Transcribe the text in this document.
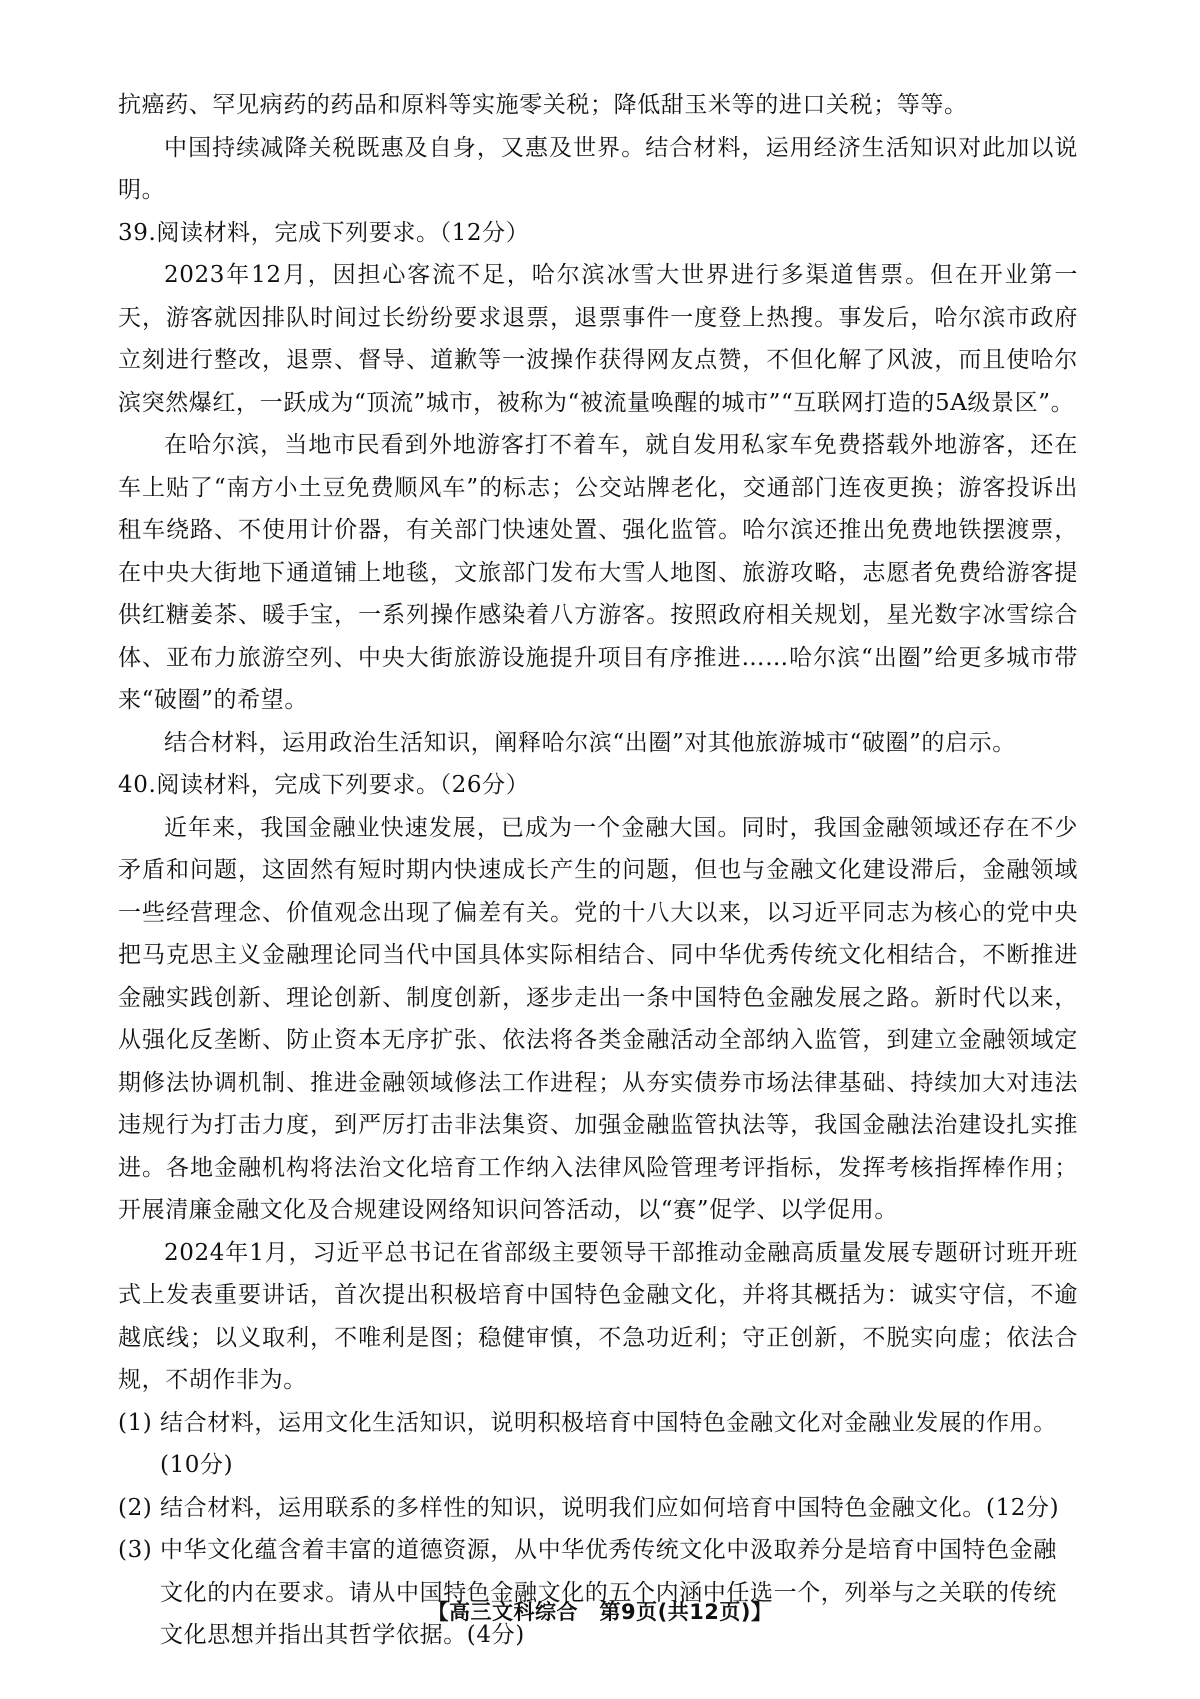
抗癌药、罕见病药的药品和原料等实施零关税；降低甜玉米等的进口关税；等等。

中国持续减降关税既惠及自身，又惠及世界。结合材料，运用经济生活知识对此加以说明。

39.阅读材料，完成下列要求。（12分）

2023年12月，因担心客流不足，哈尔滨冰雪大世界进行多渠道售票。但在开业第一天，游客就因排队时间过长纷纷要求退票，退票事件一度登上热搜。事发后，哈尔滨市政府立刻进行整改，退票、督导、道歉等一波操作获得网友点赞，不但化解了风波，而且使哈尔滨突然爆红，一跃成为“顶流”城市，被称为“被流量唤醒的城市”“互联网打造的5A级景区”。

在哈尔滨，当地市民看到外地游客打不着车，就自发用私家车免费搭载外地游客，还在车上贴了“南方小土豆免费顺风车”的标志；公交站牌老化，交通部门连夜更换；游客投诉出租车绕路、不使用计价器，有关部门快速处置、强化监管。哈尔滨还推出免费地铁摆渡票，在中央大街地下通道铺上地毯，文旅部门发布大雪人地图、旅游攻略，志愿者免费给游客提供红糖姜茶、暖手宝，一系列操作感染着八方游客。按照政府相关规划，星光数字冰雪综合体、亚布力旅游空列、中央大街旅游设施提升项目有序推进……哈尔滨“出圈”给更多城市带来“破圈”的希望。

结合材料，运用政治生活知识，阐释哈尔滨“出圈”对其他旅游城市“破圈”的启示。

40.阅读材料，完成下列要求。（26分）

近年来，我国金融业快速发展，已成为一个金融大国。同时，我国金融领域还存在不少矛盾和问题，这固然有短时期内快速成长产生的问题，但也与金融文化建设滞后，金融领域一些经营理念、价值观念出现了偏差有关。党的十八大以来，以习近平同志为核心的党中央把马克思主义金融理论同当代中国具体实际相结合、同中华优秀传统文化相结合，不断推进金融实践创新、理论创新、制度创新，逐步走出一条中国特色金融发展之路。新时代以来，从强化反垄断、防止资本无序扩张、依法将各类金融活动全部纳入监管，到建立金融领域定期修法协调机制、推进金融领域修法工作进程；从夯实债券市场法律基础、持续加大对违法违规行为打击力度，到严厉打击非法集资、加强金融监管执法等，我国金融法治建设扎实推进。各地金融机构将法治文化培育工作纳入法律风险管理考评指标，发挥考核指挥棒作用；开展清廉金融文化及合规建设网络知识问答活动，以“赛”促学、以学促用。

2024年1月，习近平总书记在省部级主要领导干部推动金融高质量发展专题研讨班开班式上发表重要讲话，首次提出积极培育中国特色金融文化，并将其概括为：诚实守信，不逾越底线；以义取利，不唯利是图；稳健审慎，不急功近利；守正创新，不脱实向虚；依法合规，不胡作非为。

(1) 结合材料，运用文化生活知识，说明积极培育中国特色金融文化对金融业发展的作用。

(10分)

(2) 结合材料，运用联系的多样性的知识，说明我们应如何培育中国特色金融文化。(12分)
(3) 中华文化蕴含着丰富的道德资源，从中华优秀传统文化中汲取养分是培育中国特色金融文化的内在要求。请从中国特色金融文化的五个内涵中任选一个，列举与之关联的传统文化思想并指出其哲学依据。(4分)
【高三文科综合　第9页(共12页)】
